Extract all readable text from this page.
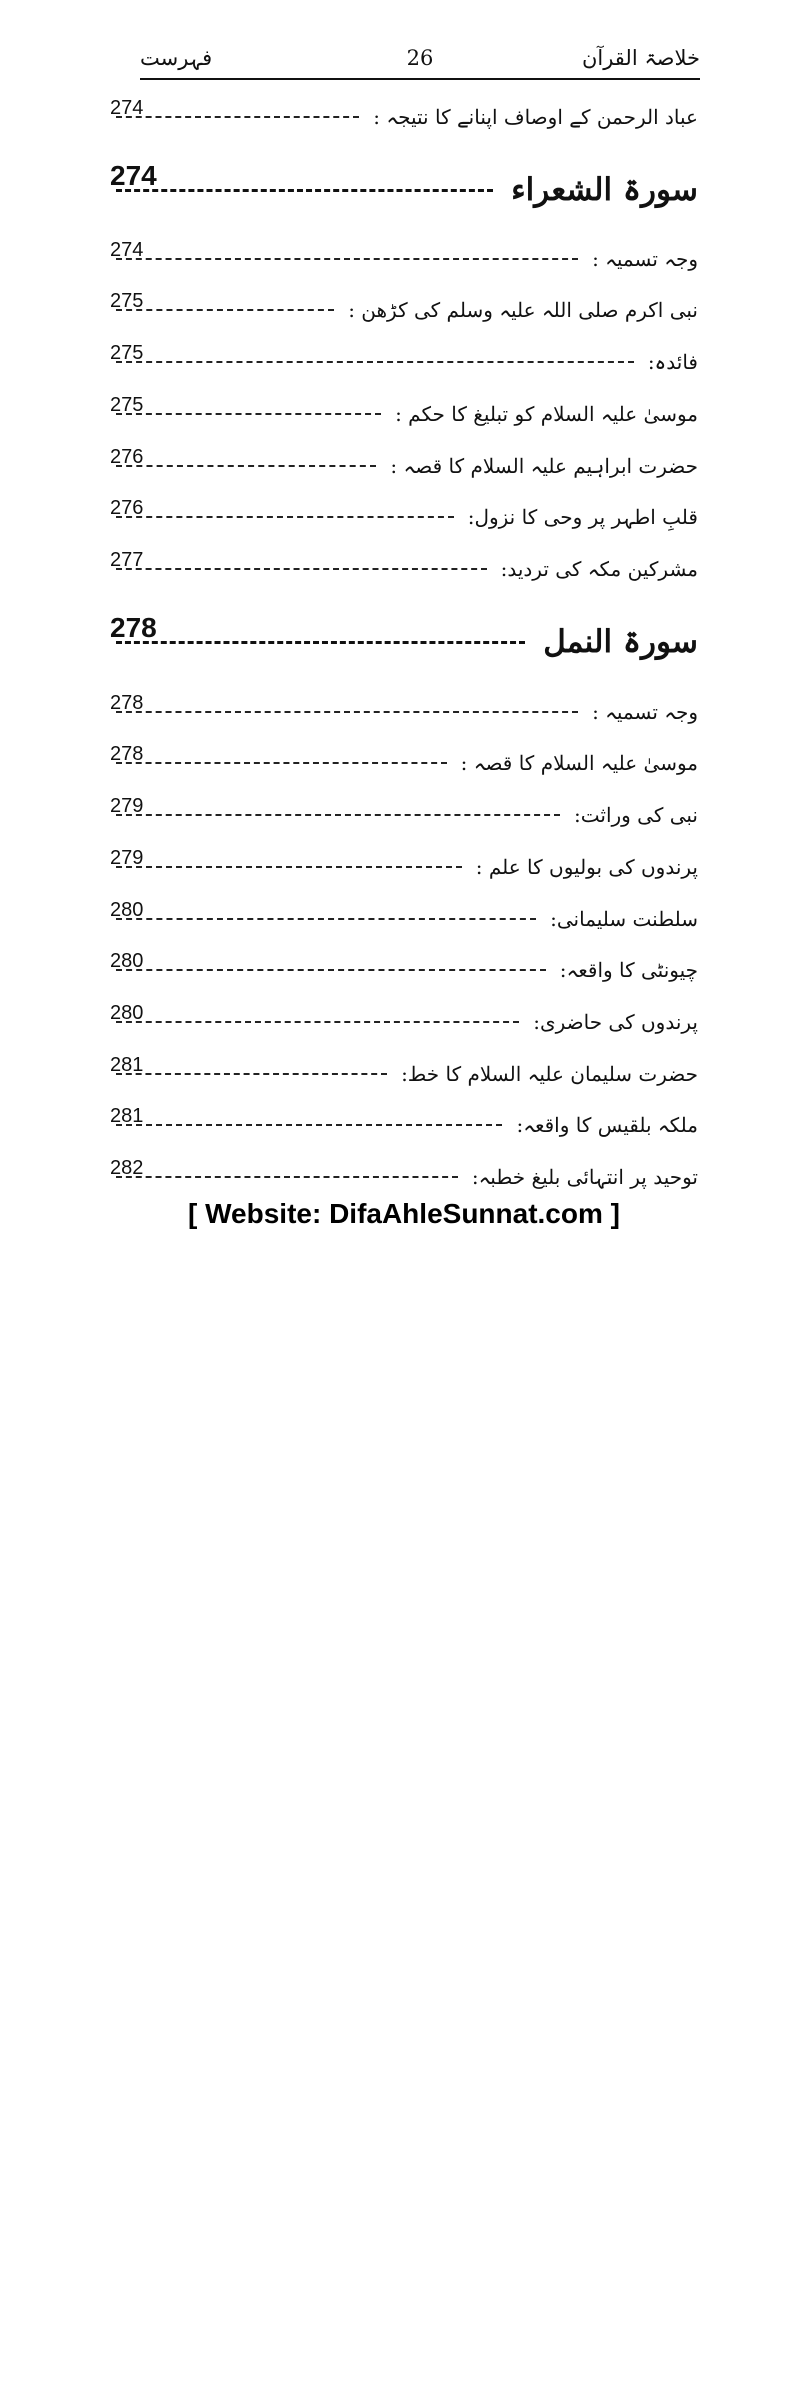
خلاصۃ القرآن
26
فہرست
عباد الرحمن کے اوصاف اپنانے کا نتیجہ :
274
سورۃ الشعراء
274
وجہ تسمیہ :
274
نبی اکرم صلی اللہ علیہ وسلم کی کڑھن :
275
فائدہ:
275
موسیٰ علیہ السلام کو تبلیغ کا حکم :
275
حضرت ابراہیم علیہ السلام کا قصہ :
276
قلبِ اطہر پر وحی کا نزول:
276
مشرکین مکہ کی تردید:
277
سورۃ النمل
278
وجہ تسمیہ :
278
موسیٰ علیہ السلام کا قصہ :
278
نبی کی وراثت:
279
پرندوں کی بولیوں کا علم :
279
سلطنت سلیمانی:
280
چیونٹی کا واقعہ:
280
پرندوں کی حاضری:
280
حضرت سلیمان علیہ السلام کا خط:
281
ملکہ بلقیس کا واقعہ:
281
توحید پر انتہائی بلیغ خطبہ:
282
[ Website: DifaAhleSunnat.com ]
